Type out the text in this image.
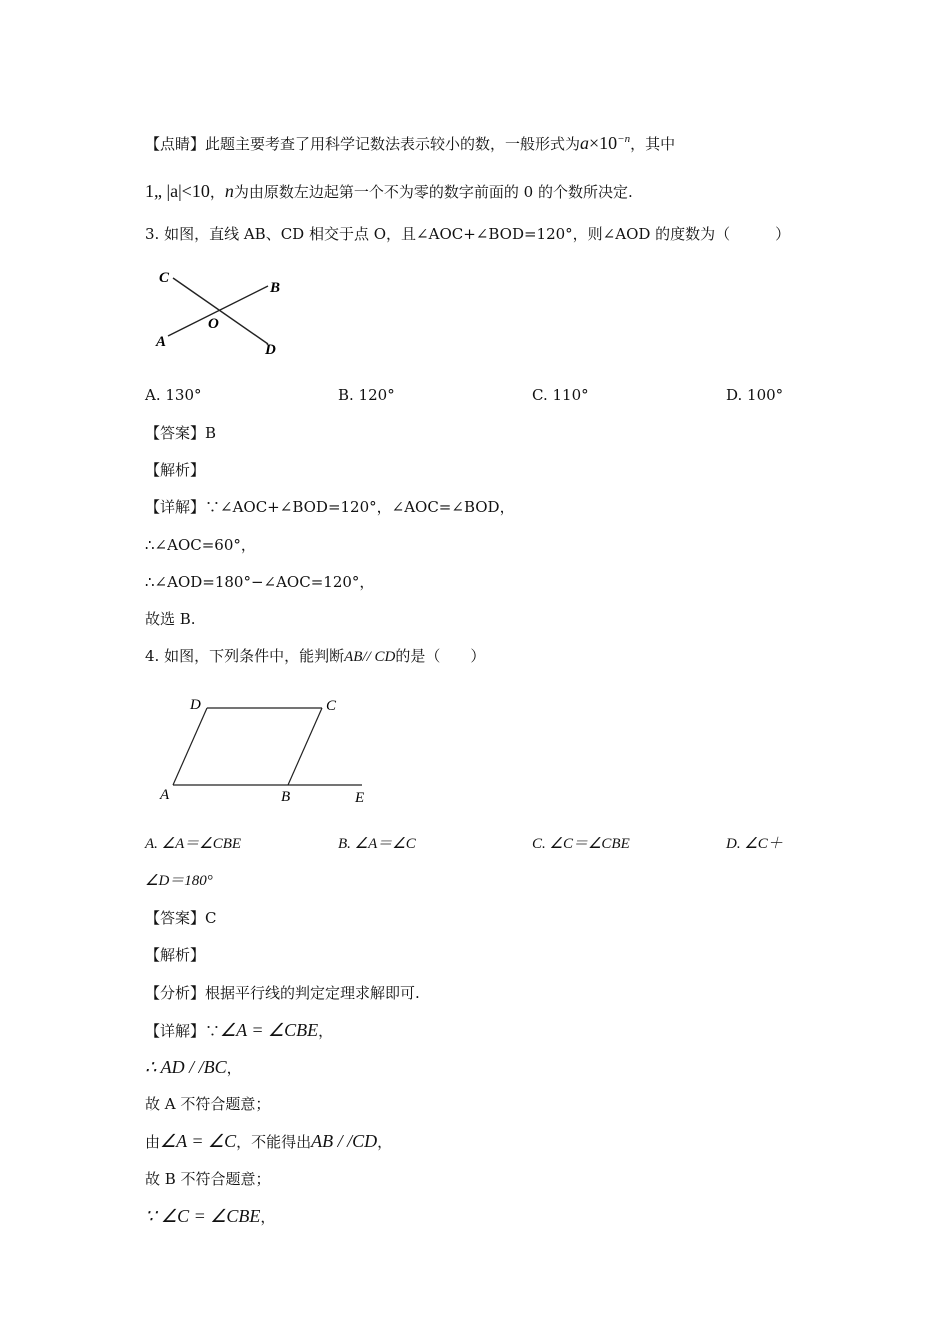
【点睛】此题主要考查了用科学记数法表示较小的数，一般形式为$a\times 10^{-n}$，其中
1„ |a|<10，n为由原数左边起第一个不为零的数字前面的 0 的个数所决定.
3. 如图，直线 AB、CD 相交于点 O，且∠AOC+∠BOD=120°，则∠AOD 的度数为（　　　）
C
B
O
A	D
A. 130°	B. 120°	C. 110°	D. 100°
【答案】B
【解析】
【详解】∵∠AOC+∠BOD=120°，∠AOC=∠BOD，
∴∠AOC=60°，
∴∠AOD=180°−∠AOC=120°，
故选 B.
4. 如图，下列条件中，能判断AB// CD的是（　　）
D	C
A	B	E
A. ∠A＝∠CBE	B. ∠A＝∠C	C. ∠C＝∠CBE	D. ∠C＋
∠D＝180°
【答案】C
【解析】
【分析】根据平行线的判定定理求解即可.
【详解】∵∠A = ∠CBE，
∴ AD / /BC，
故 A 不符合题意；
由∠A = ∠C，不能得出AB / /CD，
故 B 不符合题意；
∵ ∠C = ∠CBE，
